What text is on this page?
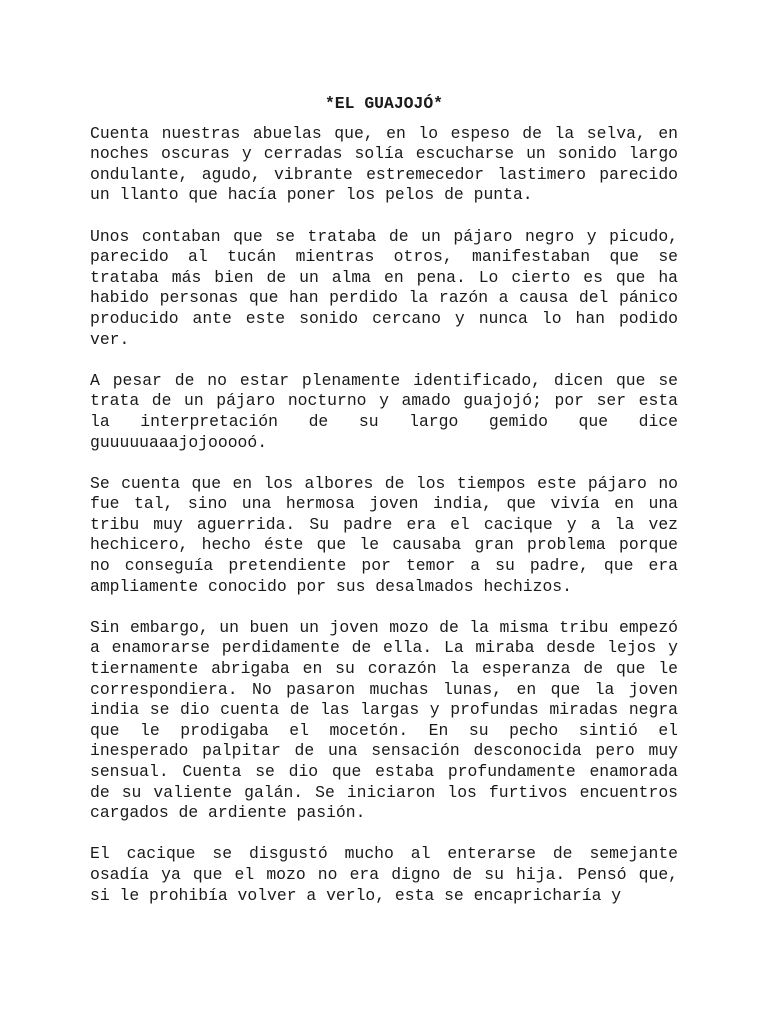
*EL GUAJOJÓ*

Cuenta nuestras abuelas que, en lo espeso de la selva, en noches oscuras y cerradas solía escucharse un sonido largo ondulante, agudo, vibrante estremecedor lastimero parecido un llanto que hacía poner los pelos de punta.

Unos contaban que se trataba de un pájaro negro y picudo, parecido al tucán mientras otros, manifestaban que se trataba más bien de un alma en pena. Lo cierto es que ha habido personas que han perdido la razón a causa del pánico producido ante este sonido cercano y nunca lo han podido ver.

A pesar de no estar plenamente identificado, dicen que se trata de un pájaro nocturno y amado guajojó; por ser esta la interpretación de su largo gemido que dice guuuuuaaajojooooó.

Se cuenta que en los albores de los tiempos este pájaro no fue tal, sino una hermosa joven india, que vivía en una tribu muy aguerrida. Su padre era el cacique y a la vez hechicero, hecho éste que le causaba gran problema porque no conseguía pretendiente por temor a su padre, que era ampliamente conocido por sus desalmados hechizos.

Sin embargo, un buen un joven mozo de la misma tribu empezó a enamorarse perdidamente de ella. La miraba desde lejos y tiernamente abrigaba en su corazón la esperanza de que le correspondiera. No pasaron muchas lunas, en que la joven india se dio cuenta de las largas y profundas miradas negra que le prodigaba el mocetón. En su pecho sintió el inesperado palpitar de una sensación desconocida pero muy sensual. Cuenta se dio que estaba profundamente enamorada de su valiente galán. Se iniciaron los furtivos encuentros cargados de ardiente pasión.

El cacique se disgustó mucho al enterarse de semejante osadía ya que el mozo no era digno de su hija. Pensó que, si le prohibía volver a verlo, esta se encapricharía y
